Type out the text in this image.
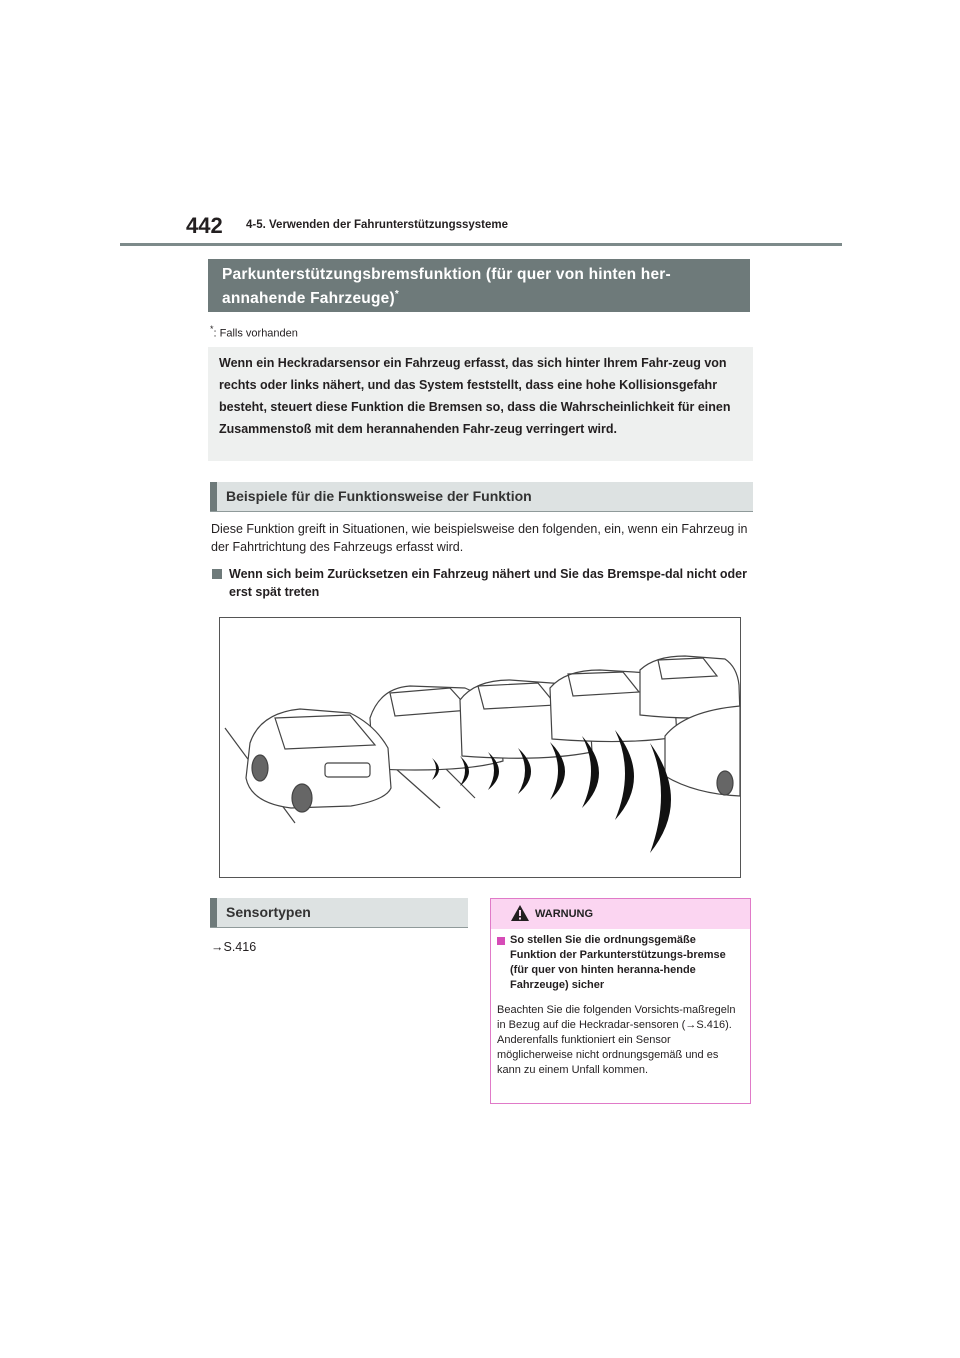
442 4-5. Verwenden der Fahrunterstützungssysteme
Parkunterstützungsbremsfunktion (für quer von hinten her-
annahende Fahrzeuge)*
*: Falls vorhanden
Wenn ein Heckradarsensor ein Fahrzeug erfasst, das sich hinter Ihrem Fahr-zeug von rechts oder links nähert, und das System feststellt, dass eine hohe Kollisionsgefahr besteht, steuert diese Funktion die Bremsen so, dass die Wahrscheinlichkeit für einen Zusammenstoß mit dem herannahenden Fahr-zeug verringert wird.
Beispiele für die Funktionsweise der Funktion
Diese Funktion greift in Situationen, wie beispielsweise den folgenden, ein, wenn ein Fahrzeug in der Fahrtrichtung des Fahrzeugs erfasst wird.
Wenn sich beim Zurücksetzen ein Fahrzeug nähert und Sie das Bremspe-dal nicht oder erst spät treten
Sensortypen
→S.416
WARNUNG
So stellen Sie die ordnungsgemäße Funktion der Parkunterstützungs-bremse (für quer von hinten heranna-hende Fahrzeuge) sicher
Beachten Sie die folgenden Vorsichts-maßregeln in Bezug auf die Heckradar-sensoren (→S.416). Anderenfalls funktioniert ein Sensor möglicherweise nicht ordnungsgemäß und es kann zu einem Unfall kommen.
